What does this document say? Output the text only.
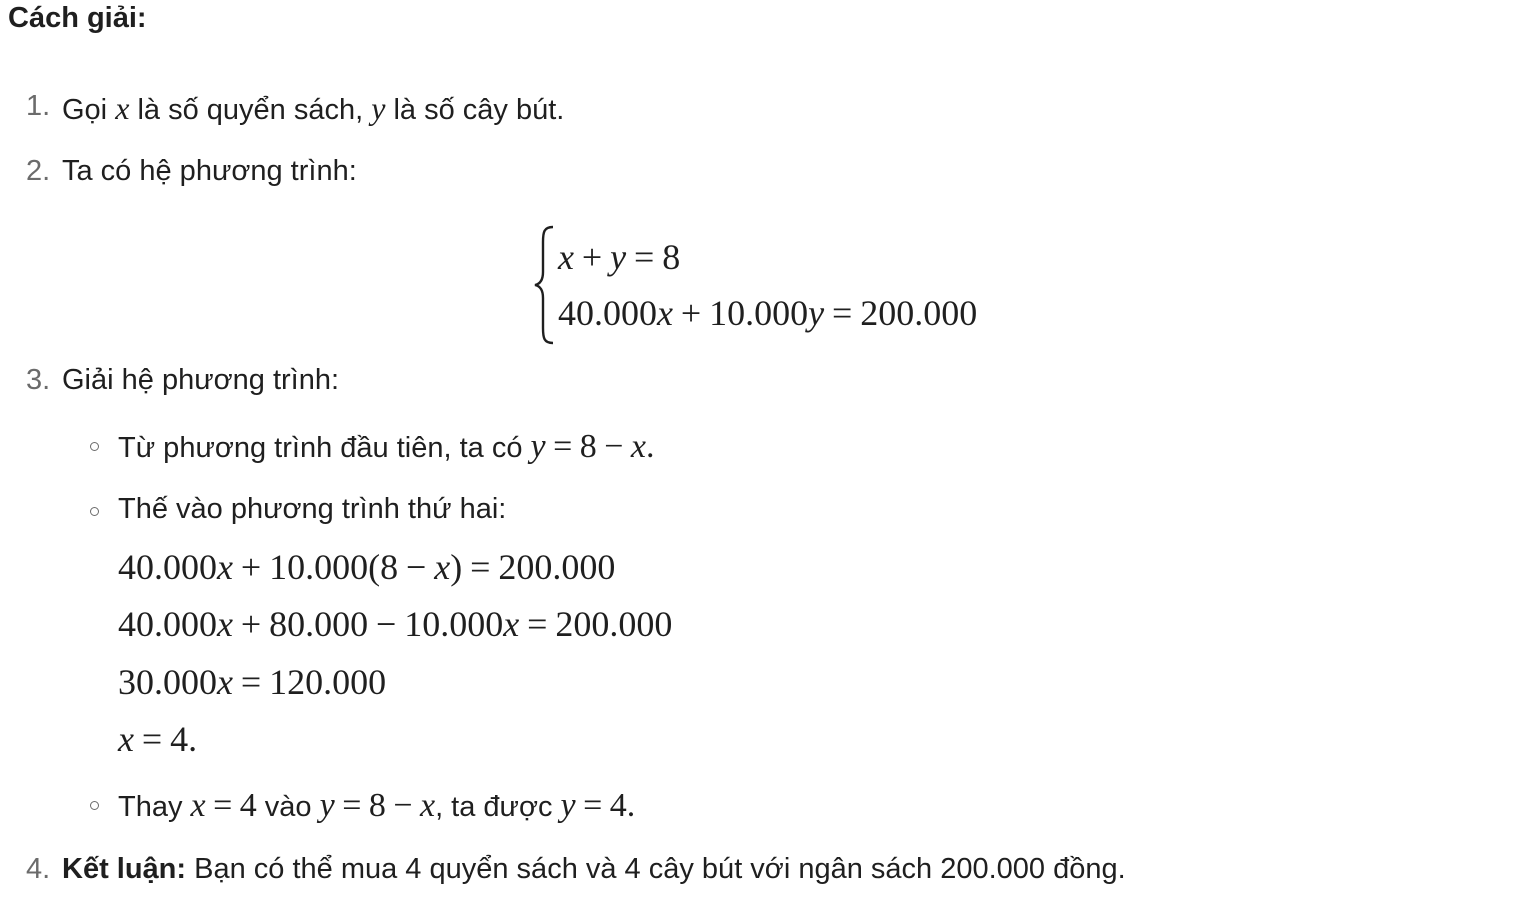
Cách giải:
1. Gọi x là số quyển sách, y là số cây bút.
2. Ta có hệ phương trình:
x + y = 8
40.000x + 10.000y = 200.000
3. Giải hệ phương trình:
Từ phương trình đầu tiên, ta có y = 8 − x.
Thế vào phương trình thứ hai:
40.000x + 10.000(8 − x) = 200.000
40.000x + 80.000 − 10.000x = 200.000
30.000x = 120.000
x = 4.
Thay x = 4 vào y = 8 − x, ta được y = 4.
4. Kết luận: Bạn có thể mua 4 quyển sách và 4 cây bút với ngân sách 200.000 đồng.
